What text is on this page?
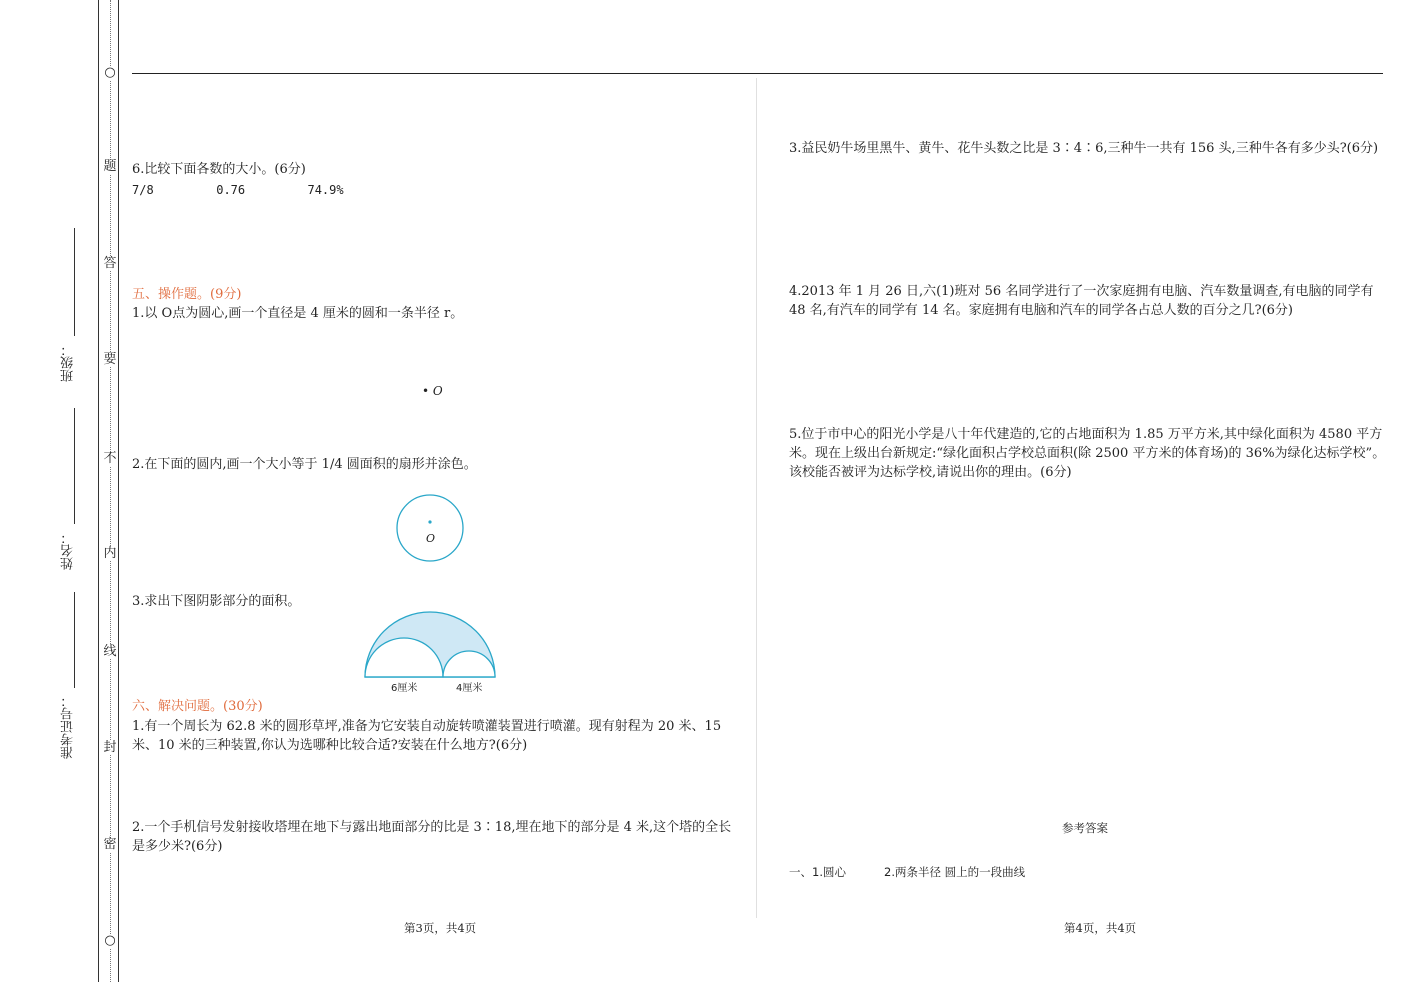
○
题
答
要
不
内
线
封
密
○
班级：
姓名：
准考证号：
6.比较下面各数的大小。(6分)
7/8	0.76	74.9%
五、操作题。(9分)
1.以 O点为圆心,画一个直径是 4 厘米的圆和一条半径 r。
• O
2.在下面的圆内,画一个大小等于 1/4 圆面积的扇形并涂色。
O
3.求出下图阴影部分的面积。
6厘米	4厘米
六、解决问题。(30分)
1.有一个周长为 62.8 米的圆形草坪,准备为它安装自动旋转喷灌装置进行喷灌。现有射程为 20 米、15 米、10 米的三种装置,你认为选哪种比较合适?安装在什么地方?(6分)
2.一个手机信号发射接收塔埋在地下与露出地面部分的比是 3∶18,埋在地下的部分是 4 米,这个塔的全长是多少米?(6分)
第3页，共4页
3.益民奶牛场里黑牛、黄牛、花牛头数之比是 3∶4∶6,三种牛一共有 156 头,三种牛各有多少头?(6分)
4.2013 年 1 月 26 日,六(1)班对 56 名同学进行了一次家庭拥有电脑、汽车数量调查,有电脑的同学有 48 名,有汽车的同学有 14 名。家庭拥有电脑和汽车的同学各占总人数的百分之几?(6分)
5.位于市中心的阳光小学是八十年代建造的,它的占地面积为 1.85 万平方米,其中绿化面积为 4580 平方米。现在上级出台新规定:“绿化面积占学校总面积(除 2500 平方米的体育场)的 36%为绿化达标学校”。该校能否被评为达标学校,请说出你的理由。(6分)
参考答案
一、1.圆心	2.两条半径 圆上的一段曲线
第4页，共4页
